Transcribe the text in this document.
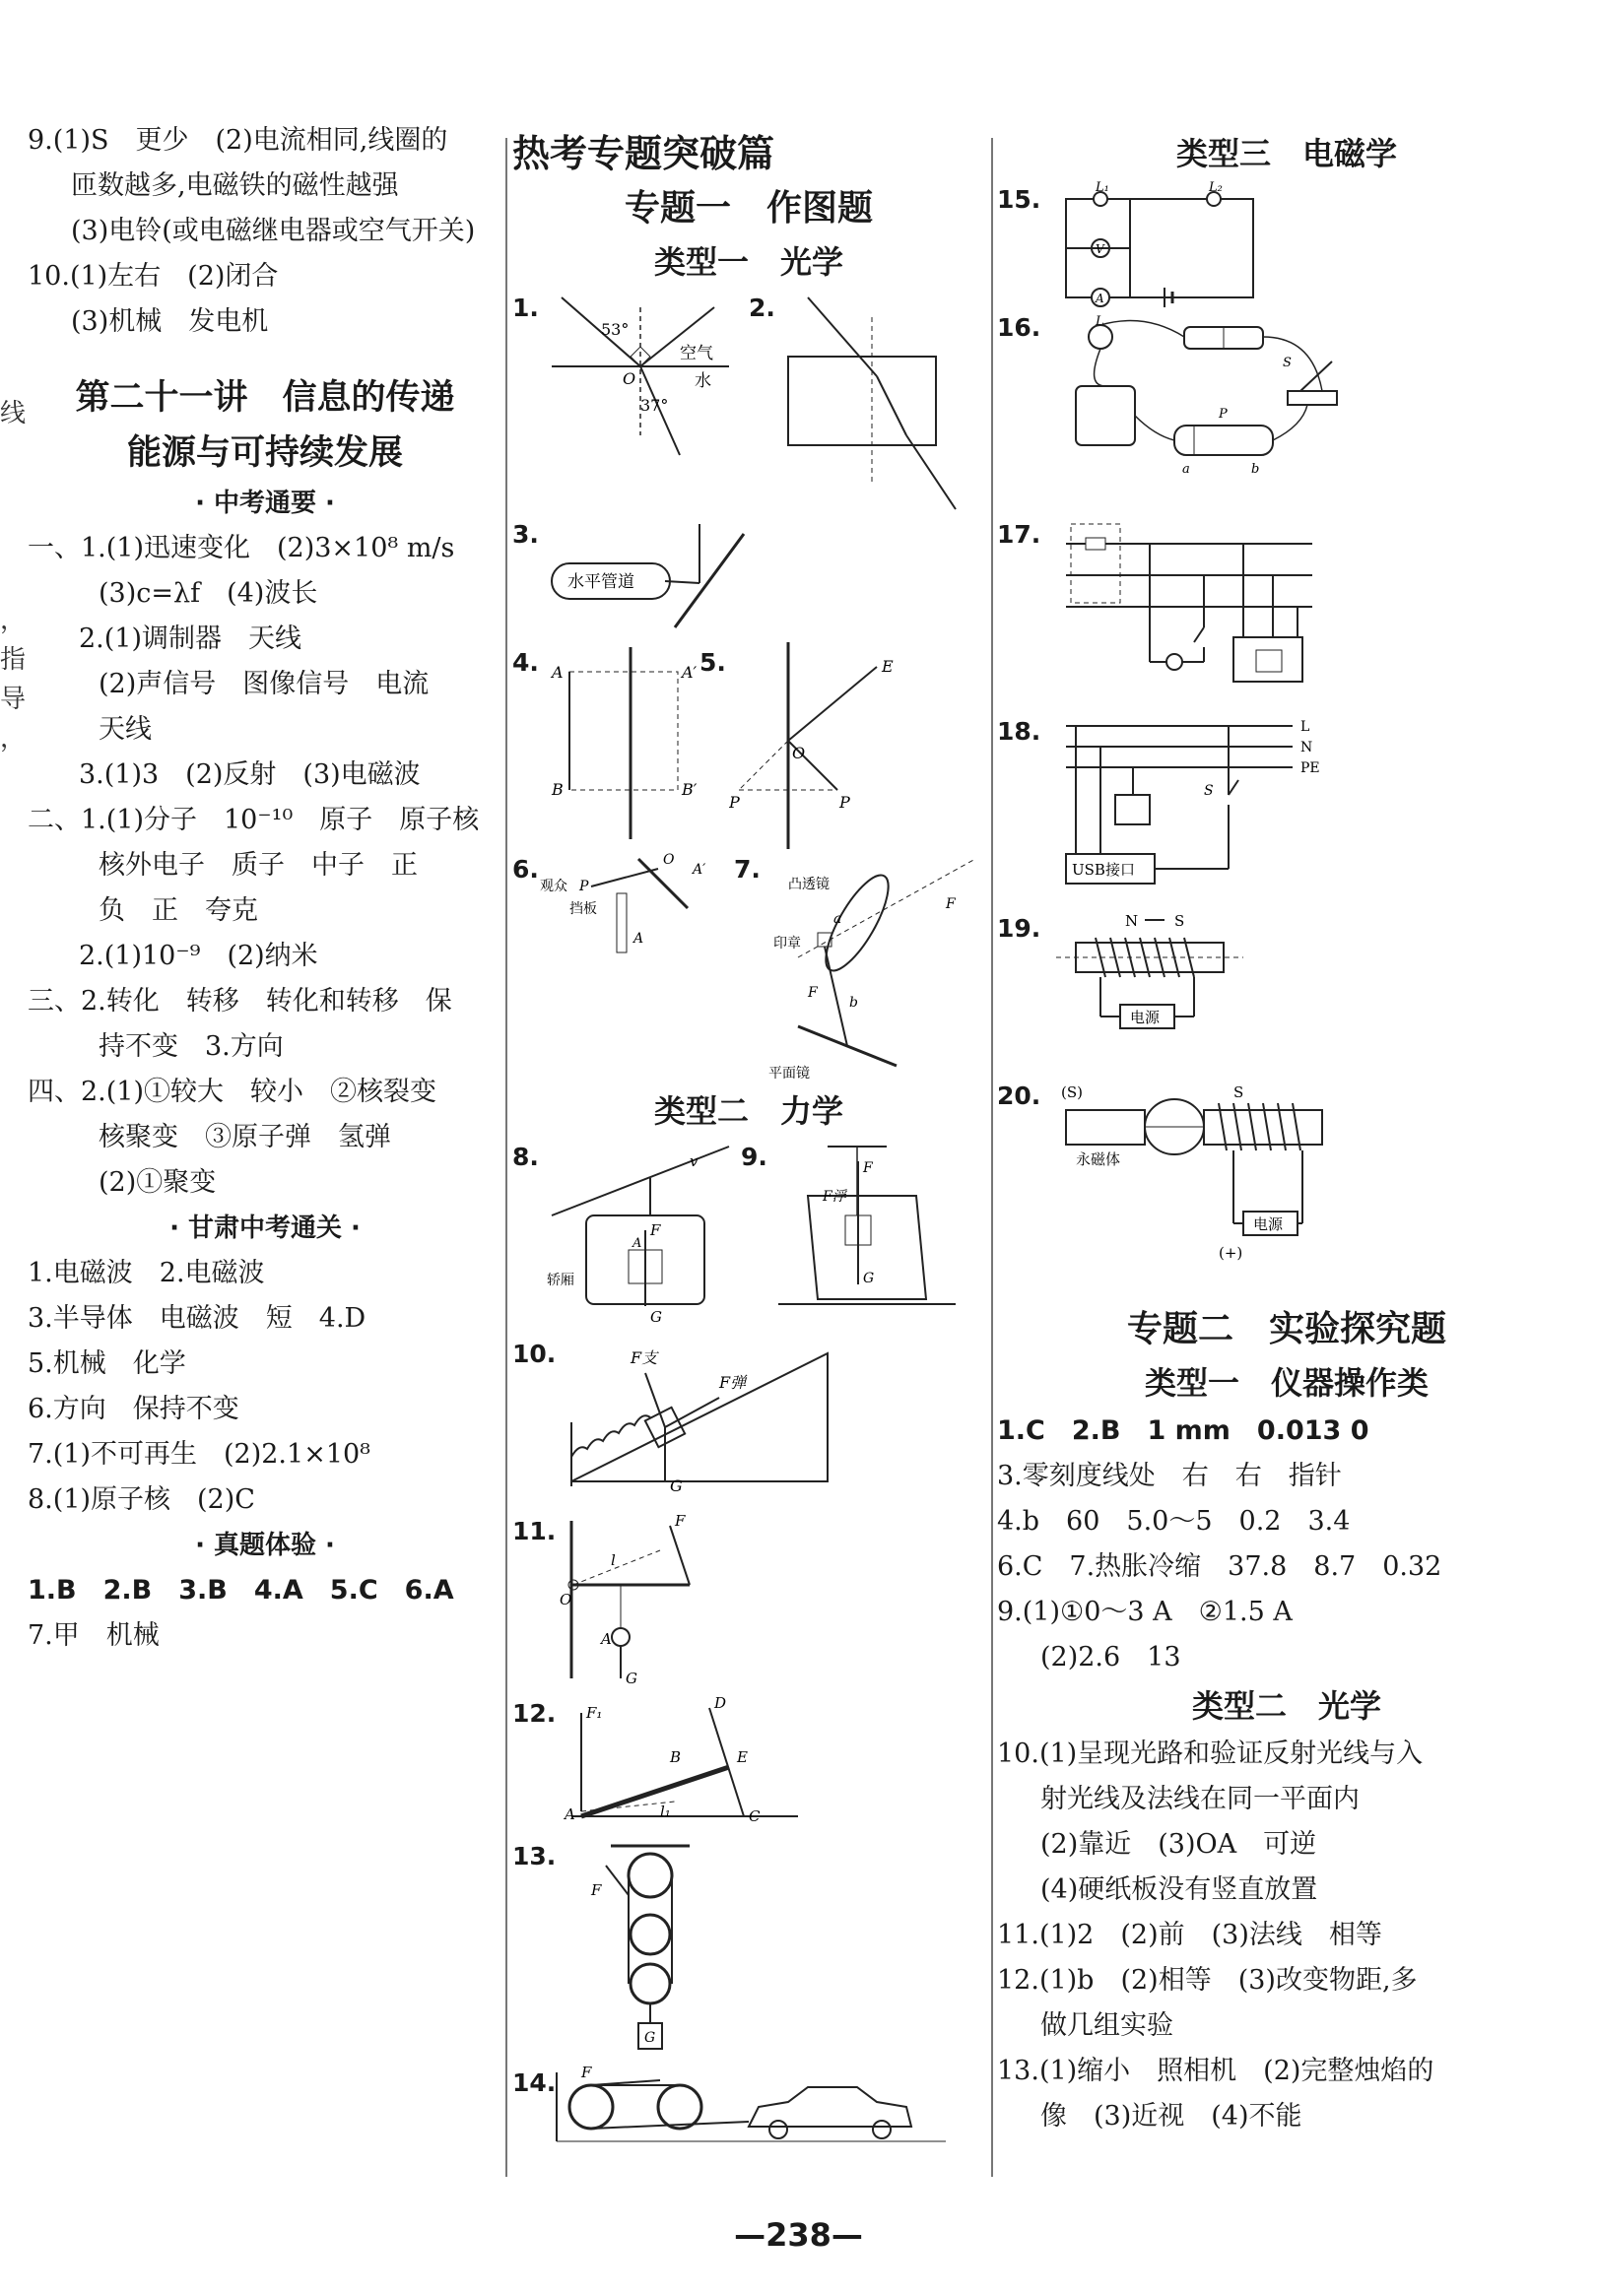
线
，
指
导
，
9.(1)S　更少　(2)电流相同,线圈的
匝数越多,电磁铁的磁性越强
(3)电铃(或电磁继电器或空气开关)
10.(1)左右　(2)闭合
(3)机械　发电机
第二十一讲　信息的传递
能源与可持续发展
· 中考通要 ·
一、1.(1)迅速变化　(2)3×10⁸ m/s
(3)c=λf　(4)波长
2.(1)调制器　天线
(2)声信号　图像信号　电流
天线
3.(1)3　(2)反射　(3)电磁波
二、1.(1)分子　10⁻¹⁰　原子　原子核
核外电子　质子　中子　正
负　正　夸克
2.(1)10⁻⁹　(2)纳米
三、2.转化　转移　转化和转移　保
持不变　3.方向
四、2.(1)①较大　较小　②核裂变
核聚变　③原子弹　氢弹
(2)①聚变
· 甘肃中考通关 ·
1.电磁波　2.电磁波
3.半导体　电磁波　短　4.D
5.机械　化学
6.方向　保持不变
7.(1)不可再生　(2)2.1×10⁸
8.(1)原子核　(2)C
· 真题体验 ·
1.B　2.B　3.B　4.A　5.C　6.A
7.甲　机械
热考专题突破篇
专题一　作图题
类型一　光学
1.
53°
空气
水
O
37°
2.
3.
水平管道
4. A	A′
B	B′
5.	E
O
P	P
6.
观众 P
O
A′
挡板
A
7.
凸透镜
印章
a
F
F
b
平面镜
类型二　力学
8.	v
F
A
G
轿厢
9.	F
F浮
G
10.	F支
F弹
G
11.	F
l
O
A
G
12. F₁
D
B	E
A	l₁	C
13.
F
G
14. F
类型三　电磁学
15.	L₁	L₂
V
A
16.	L
P
a	b
S
17.
18.	L
N
PE
S
USB接口
19.	N S
电源
20. (S)	S
永磁体
电源
(+)
专题二　实验探究题
类型一　仪器操作类
1.C　2.B　1 mm　0.013 0
3.零刻度线处　右　右　指针
4.b　60　5.0～5　0.2　3.4
6.C　7.热胀冷缩　37.8　8.7　0.32
9.(1)①0～3 A　②1.5 A
(2)2.6　13
类型二　光学
10.(1)呈现光路和验证反射光线与入
射光线及法线在同一平面内
(2)靠近　(3)OA　可逆
(4)硬纸板没有竖直放置
11.(1)2　(2)前　(3)法线　相等
12.(1)b　(2)相等　(3)改变物距,多
做几组实验
13.(1)缩小　照相机　(2)完整烛焰的
像　(3)近视　(4)不能
—238—
